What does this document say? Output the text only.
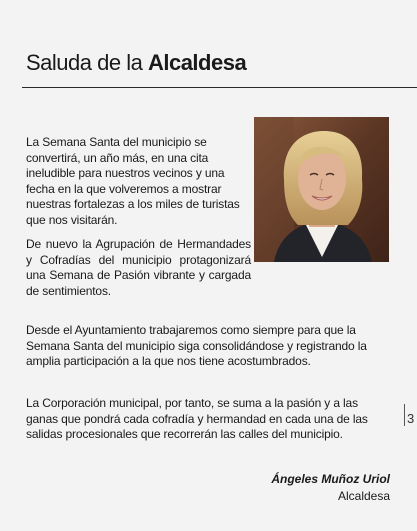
Saluda de la Alcaldesa

La Semana Santa del municipio se convertirá, un año más, en una cita ineludible para nuestros vecinos y una fecha en la que volveremos a mostrar nuestras fortalezas a los miles de turistas que nos visitarán.

De nuevo la Agrupación de Hermandades y Cofradías del municipio protagonizará una Semana de Pasión vibrante y cargada de sentimientos.

Desde el Ayuntamiento trabajaremos como siempre para que la Semana Santa del municipio siga consolidándose y registrando la amplia participación a la que nos tiene acostumbrados.

La Corporación municipal, por tanto, se suma a la pasión y a las ganas que pondrá cada cofradía y hermandad en cada una de las salidas procesionales que recorrerán las calles del municipio.

Ángeles Muñoz Uriol
Alcaldesa
3
